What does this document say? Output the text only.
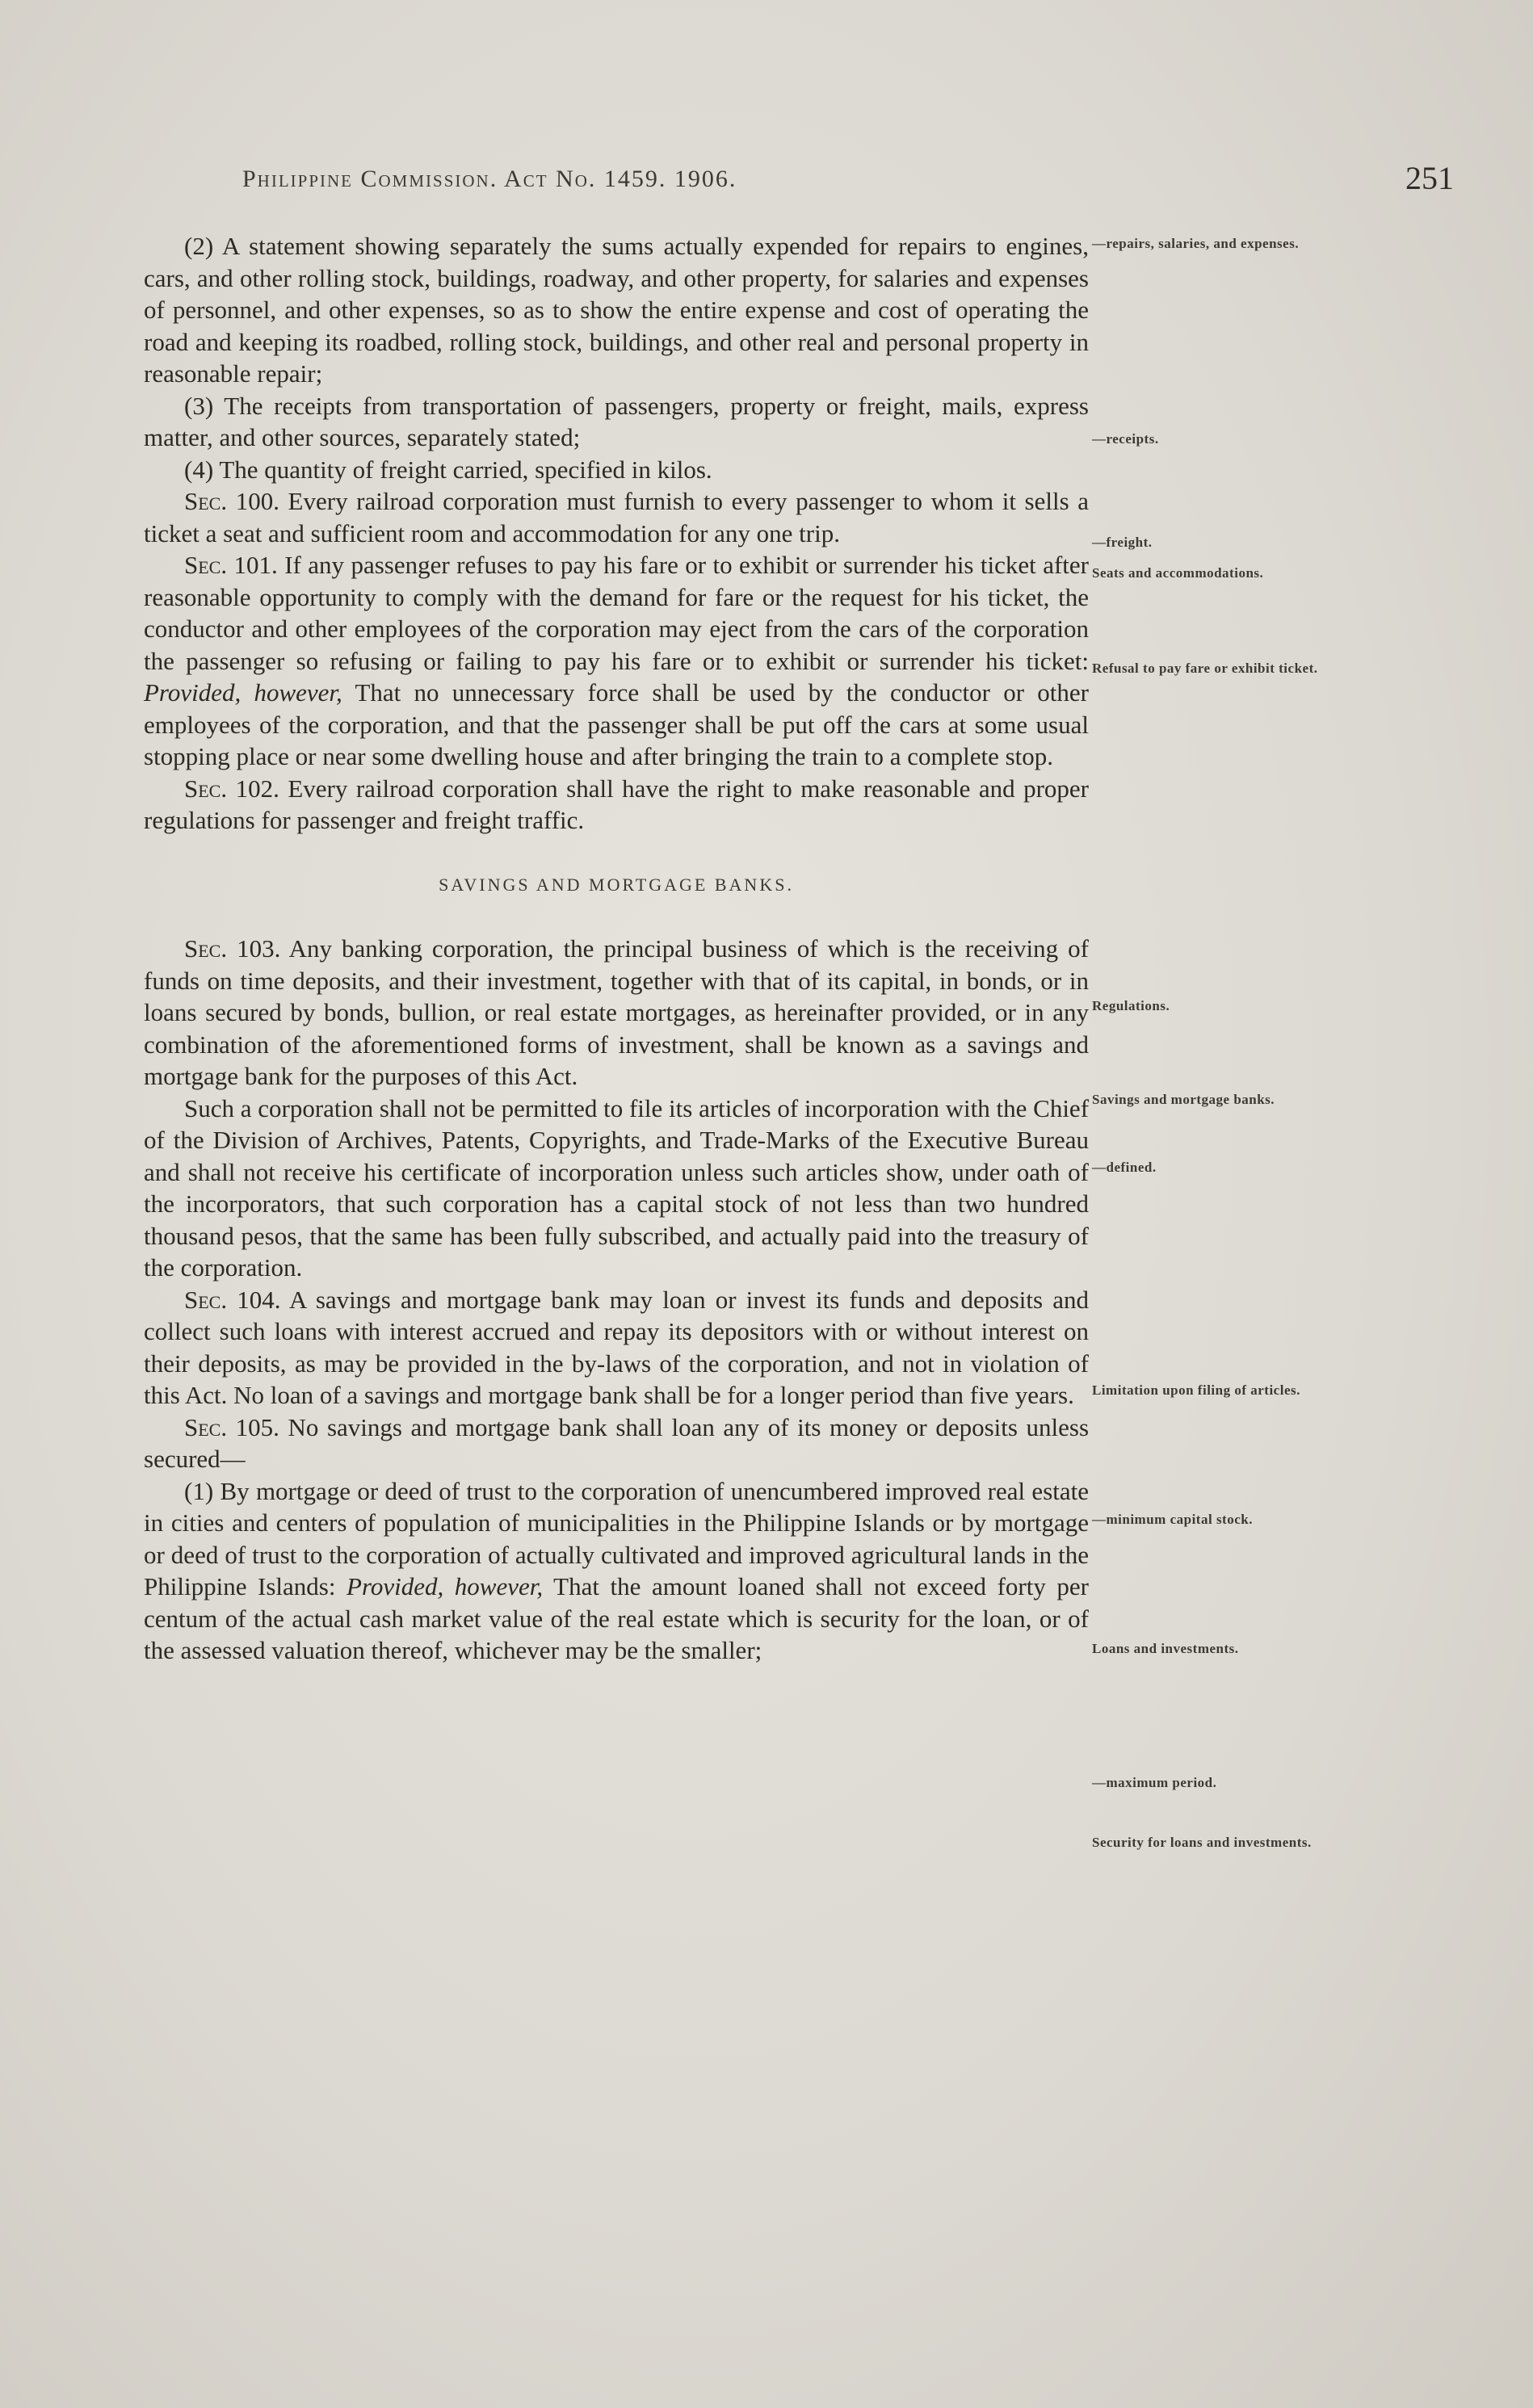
Philippine Commission. Act No. 1459. 1906.	251

(2) A statement showing separately the sums actually expended for repairs to engines, cars, and other rolling stock, buildings, roadway, and other property, for salaries and expenses of personnel, and other expenses, so as to show the entire expense and cost of operating the road and keeping its roadbed, rolling stock, buildings, and other real and personal property in reasonable repair;

(3) The receipts from transportation of passengers, property or freight, mails, express matter, and other sources, separately stated;

(4) The quantity of freight carried, specified in kilos.

Sec. 100. Every railroad corporation must furnish to every passenger to whom it sells a ticket a seat and sufficient room and accommodation for any one trip.

Sec. 101. If any passenger refuses to pay his fare or to exhibit or surrender his ticket after reasonable opportunity to comply with the demand for fare or the request for his ticket, the conductor and other employees of the corporation may eject from the cars of the corporation the passenger so refusing or failing to pay his fare or to exhibit or surrender his ticket: Provided, however, That no unnecessary force shall be used by the conductor or other employees of the corporation, and that the passenger shall be put off the cars at some usual stopping place or near some dwelling house and after bringing the train to a complete stop.

Sec. 102. Every railroad corporation shall have the right to make reasonable and proper regulations for passenger and freight traffic.

SAVINGS AND MORTGAGE BANKS.

Sec. 103. Any banking corporation, the principal business of which is the receiving of funds on time deposits, and their investment, together with that of its capital, in bonds, or in loans secured by bonds, bullion, or real estate mortgages, as hereinafter provided, or in any combination of the aforementioned forms of investment, shall be known as a savings and mortgage bank for the purposes of this Act.

Such a corporation shall not be permitted to file its articles of incorporation with the Chief of the Division of Archives, Patents, Copyrights, and Trade-Marks of the Executive Bureau and shall not receive his certificate of incorporation unless such articles show, under oath of the incorporators, that such corporation has a capital stock of not less than two hundred thousand pesos, that the same has been fully subscribed, and actually paid into the treasury of the corporation.

Sec. 104. A savings and mortgage bank may loan or invest its funds and deposits and collect such loans with interest accrued and repay its depositors with or without interest on their deposits, as may be provided in the by-laws of the corporation, and not in violation of this Act. No loan of a savings and mortgage bank shall be for a longer period than five years.

Sec. 105. No savings and mortgage bank shall loan any of its money or deposits unless secured—

(1) By mortgage or deed of trust to the corporation of unencumbered improved real estate in cities and centers of population of municipalities in the Philippine Islands or by mortgage or deed of trust to the corporation of actually cultivated and improved agricultural lands in the Philippine Islands: Provided, however, That the amount loaned shall not exceed forty per centum of the actual cash market value of the real estate which is security for the loan, or of the assessed valuation thereof, whichever may be the smaller;

—repairs, salaries, and expenses.
—receipts.
—freight.
Seats and accommodations.
Refusal to pay fare or exhibit ticket.
Regulations.
Savings and mortgage banks.
—defined.
Limitation upon filing of articles.
—minimum capital stock.
Loans and investments.
—maximum period.
Security for loans and investments.
